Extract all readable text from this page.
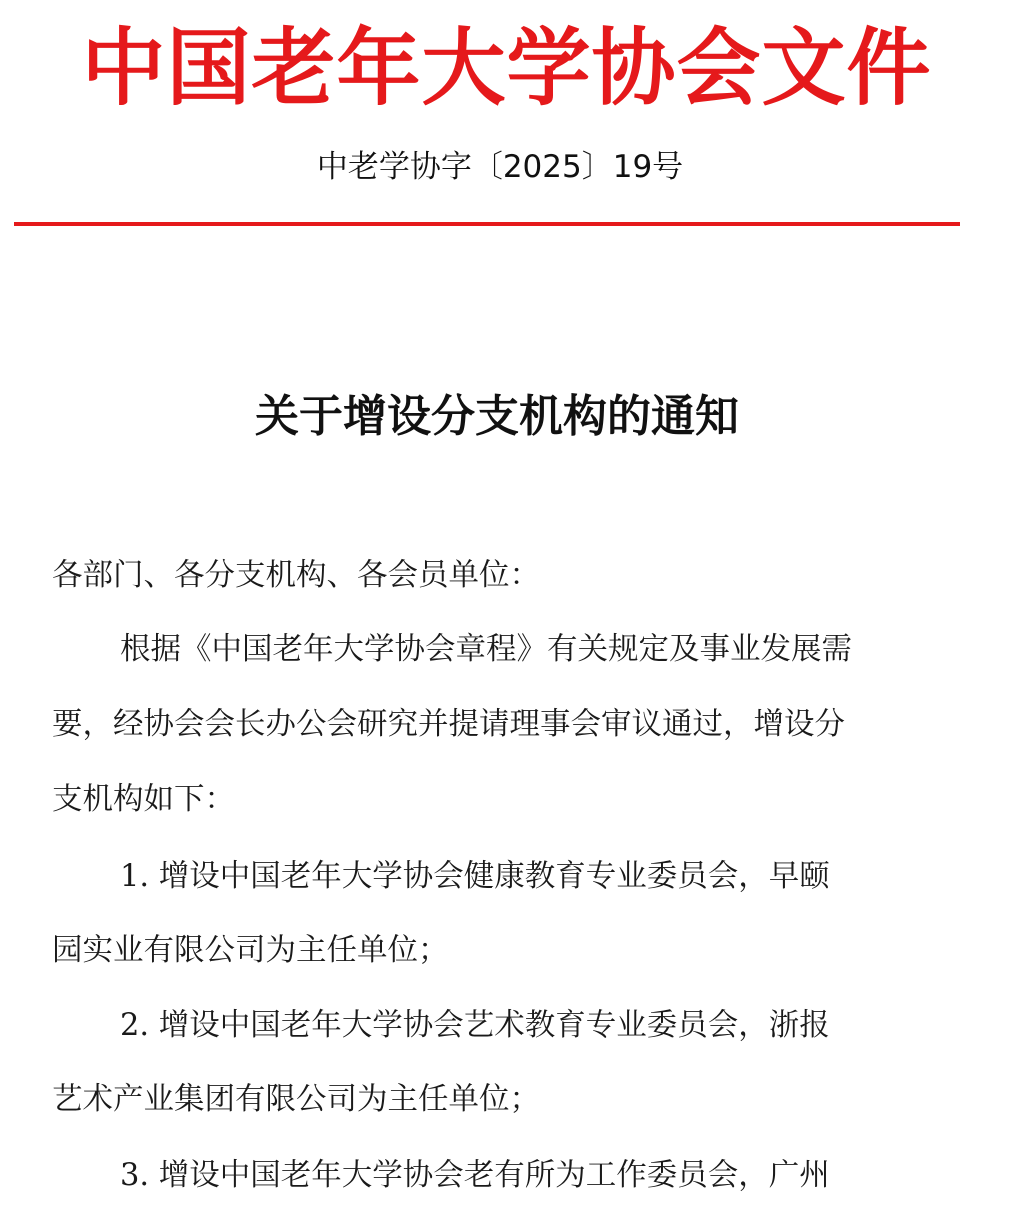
中国老年大学协会文件
中老学协字〔2025〕19号
关于增设分支机构的通知
各部门、各分支机构、各会员单位：
根据《中国老年大学协会章程》有关规定及事业发展需
要，经协会会长办公会研究并提请理事会审议通过，增设分
支机构如下：
1. 增设中国老年大学协会健康教育专业委员会，早颐
园实业有限公司为主任单位；
2. 增设中国老年大学协会艺术教育专业委员会，浙报
艺术产业集团有限公司为主任单位；
3. 增设中国老年大学协会老有所为工作委员会，广州
